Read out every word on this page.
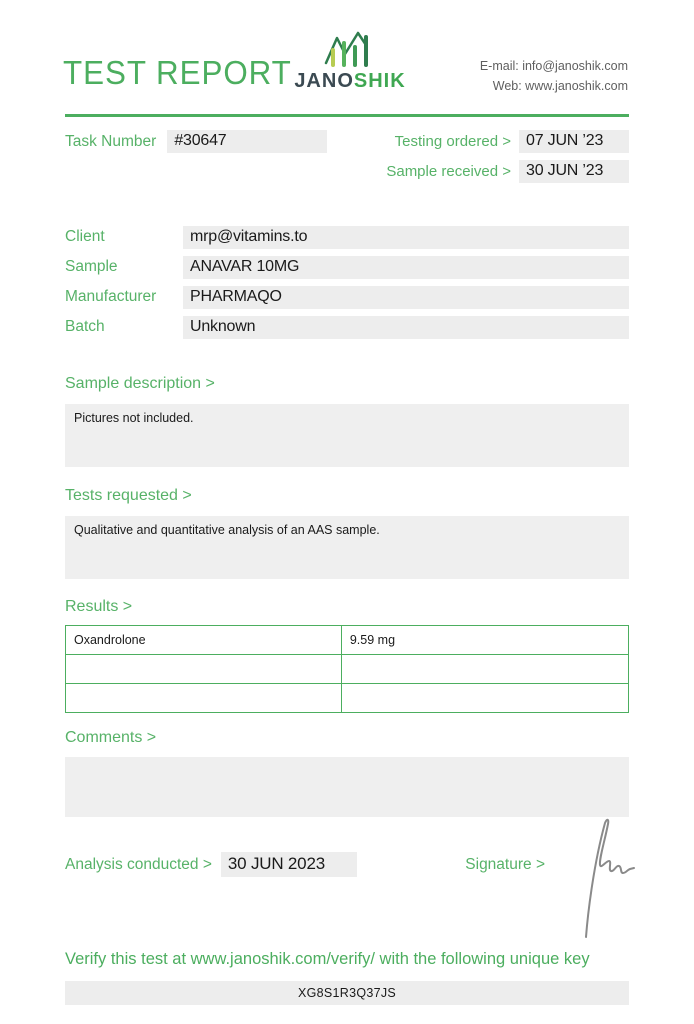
TEST REPORT JANOSHIK
E-mail: info@janoshik.com
Web: www.janoshik.com
Task Number	#30647	Testing ordered > 07 JUN ’23
Sample received > 30 JUN ’23
Client	mrp@vitamins.to
Sample	ANAVAR 10MG
Manufacturer	PHARMAQO
Batch	Unknown
Sample description >
Pictures not included.
Tests requested >
Qualitative and quantitative analysis of an AAS sample.
Results >
Oxandrolone	9.59 mg

Comments >
Analysis conducted > 30 JUN 2023	Signature >
Verify this test at www.janoshik.com/verify/ with the following unique key
XG8S1R3Q37JS
